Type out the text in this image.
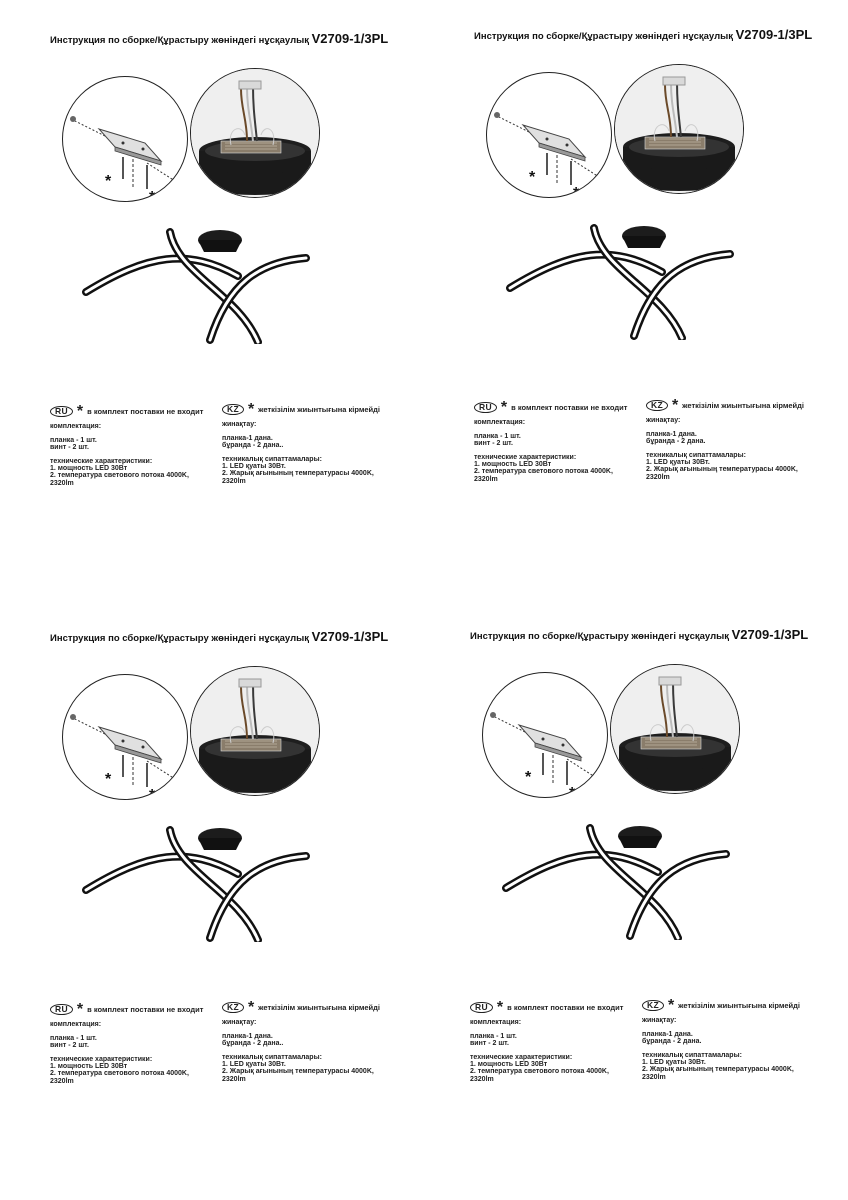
Инструкция по сборке/Құрастыру жөніндегі нұсқаулық V2709-1/3PL
*
*
RU * в комплект поставки не входит
комплектация:
планка - 1 шт.
винт - 2 шт.
технические характеристики:
1. мощность LED 30Вт
2. температура светового потока 4000K,
2320lm
KZ * жеткізілім жиынтығына кірмейді
жинақтау:
планка-1 дана.
бұранда - 2 дана..
техникалық сипаттамалары:
1. LED қуаты 30Вт.
2. Жарық ағынының температурасы 4000K,
2320lm
Инструкция по сборке/Құрастыру жөніндегі нұсқаулық V2709-1/3PL
*
*
RU * в комплект поставки не входит
комплектация:
планка - 1 шт.
винт - 2 шт.
технические характеристики:
1. мощность LED 30Вт
2. температура светового потока 4000K,
2320lm
KZ * жеткізілім жиынтығына кірмейді
жинақтау:
планка-1 дана.
бұранда - 2 дана.
техникалық сипаттамалары:
1. LED қуаты 30Вт.
2. Жарық ағынының температурасы 4000K,
2320lm
Инструкция по сборке/Құрастыру жөніндегі нұсқаулық V2709-1/3PL
*
*
RU * в комплект поставки не входит
комплектация:
планка - 1 шт.
винт - 2 шт.
технические характеристики:
1. мощность LED 30Вт
2. температура светового потока 4000K,
2320lm
KZ * жеткізілім жиынтығына кірмейді
жинақтау:
планка-1 дана.
бұранда - 2 дана..
техникалық сипаттамалары:
1. LED қуаты 30Вт.
2. Жарық ағынының температурасы 4000K,
2320lm
Инструкция по сборке/Құрастыру жөніндегі нұсқаулық V2709-1/3PL
*
*
RU * в комплект поставки не входит
комплектация:
планка - 1 шт.
винт - 2 шт.
технические характеристики:
1. мощность LED 30Вт
2. температура светового потока 4000K,
2320lm
KZ * жеткізілім жиынтығына кірмейді
жинақтау:
планка-1 дана.
бұранда - 2 дана.
техникалық сипаттамалары:
1. LED қуаты 30Вт.
2. Жарық ағынының температурасы 4000K,
2320lm
